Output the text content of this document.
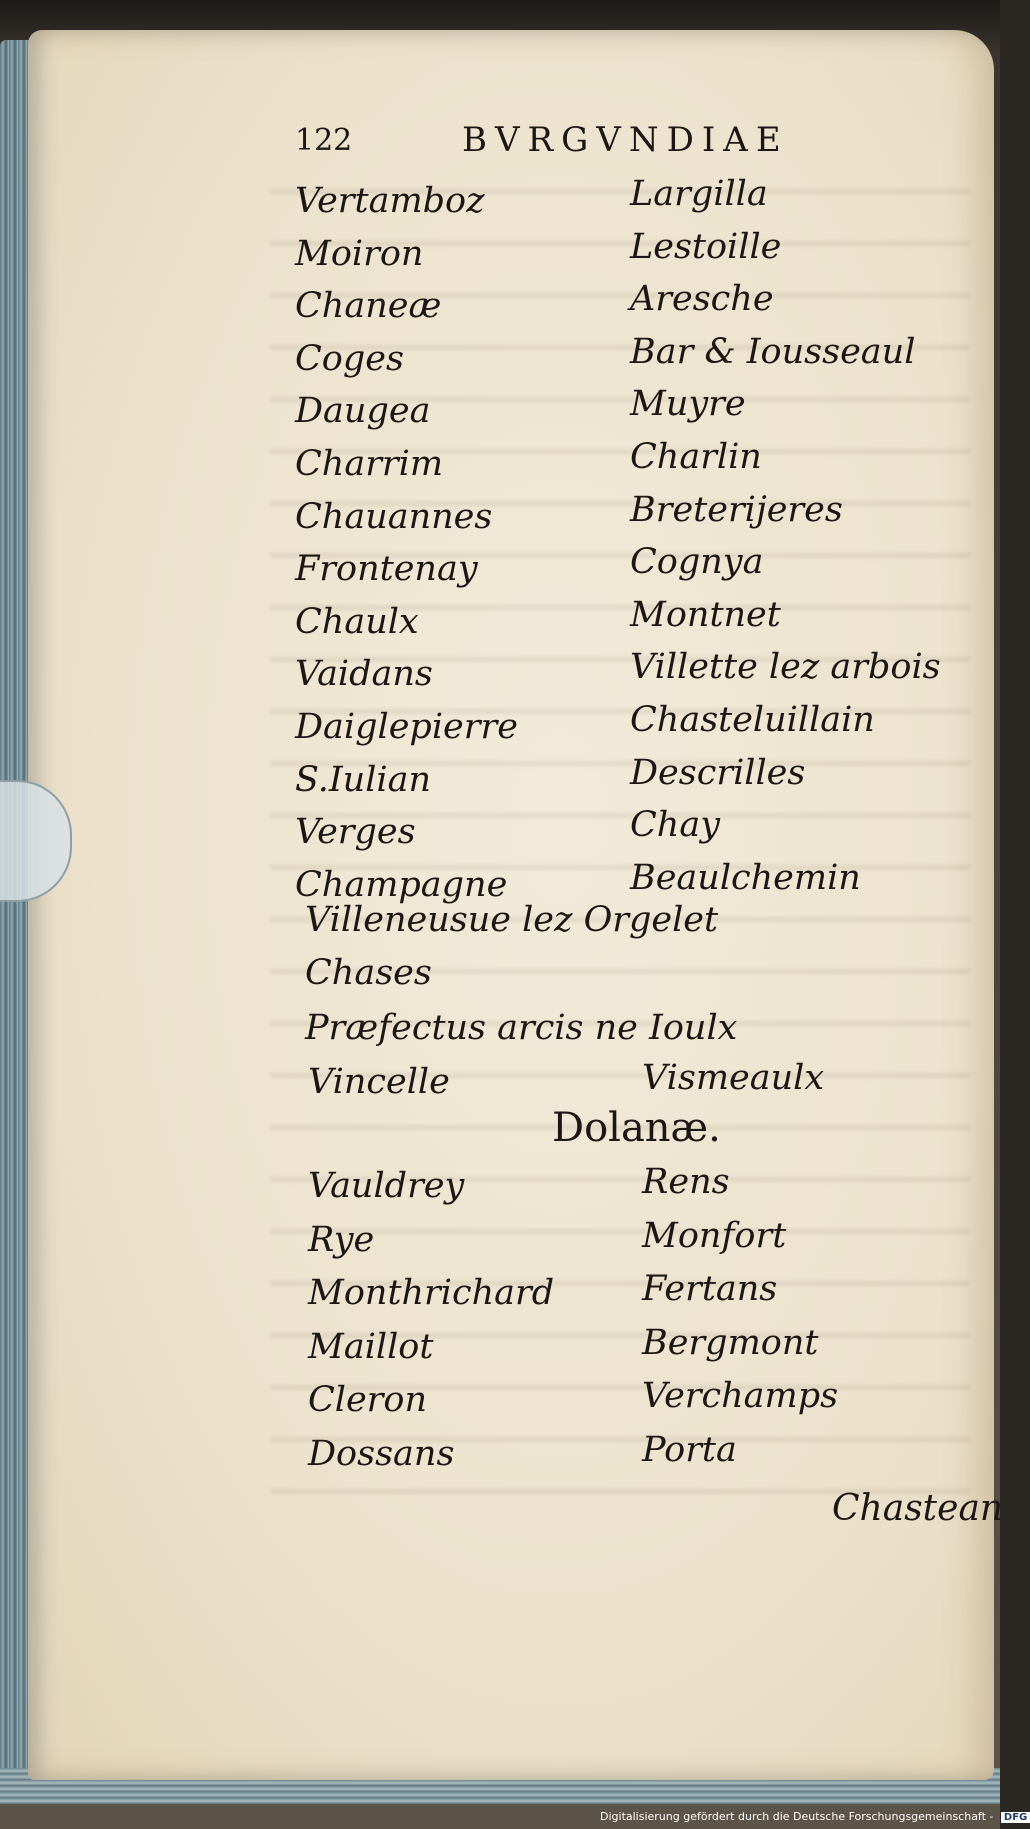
122	BVRGVNDIAE
Vertamboz
Moiron
Chaneæ
Coges
Daugea
Charrim
Chauannes
Frontenay
Chaulx
Vaidans
Daiglepierre
S.Iulian
Verges
Champagne
Largilla
Lestoille
Aresche
Bar & Iousseaul
Muyre
Charlin
Breterijeres
Cognya
Montnet
Villette lez arbois
Chasteluillain
Descrilles
Chay
Beaulchemin
Villeneusue lez Orgelet
Chases
Præfectus arcis ne Ioulx
Vincelle	Vismeaulx
Dolanæ.
Vauldrey
Rye
Monthrichard
Maillot
Cleron
Dossans
Rens
Monfort
Fertans
Bergmont
Verchamps
Porta
Chastean
Digitalisierung gefördert durch die Deutsche Forschungsgemeinschaft - DFG
